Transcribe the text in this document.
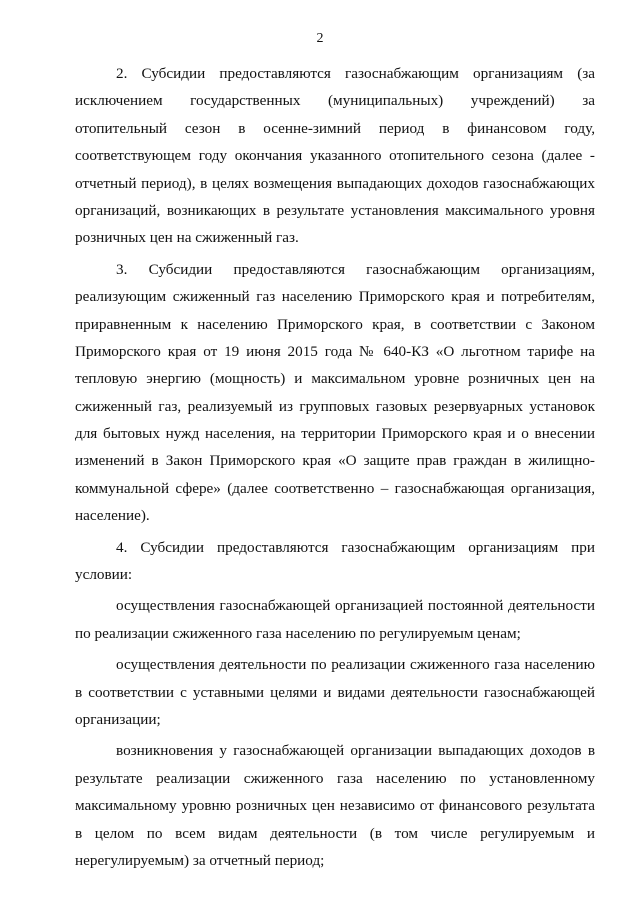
2
2. Субсидии предоставляются газоснабжающим организациям (за
исключением государственных (муниципальных) учреждений) за
отопительный сезон в осенне-зимний период в финансовом году,
соответствующем году окончания указанного отопительного сезона (далее -
отчетный период), в целях возмещения выпадающих доходов газоснабжающих
организаций, возникающих в результате установления максимального уровня
розничных цен на сжиженный газ.
3. Субсидии предоставляются газоснабжающим организациям,
реализующим сжиженный газ населению Приморского края и потребителям,
приравненным к населению Приморского края, в соответствии с Законом
Приморского края от 19 июня 2015 года № 640-КЗ «О льготном тарифе на
тепловую энергию (мощность) и максимальном уровне розничных цен на
сжиженный газ, реализуемый из групповых газовых резервуарных установок
для бытовых нужд населения, на территории Приморского края и о внесении
изменений в Закон Приморского края «О защите прав граждан в жилищно-
коммунальной сфере» (далее соответственно – газоснабжающая организация,
население).
4. Субсидии предоставляются газоснабжающим организациям при
условии:
осуществления газоснабжающей организацией постоянной деятельности
по реализации сжиженного газа населению по регулируемым ценам;
осуществления деятельности по реализации сжиженного газа населению
в соответствии с уставными целями и видами деятельности газоснабжающей
организации;
возникновения у газоснабжающей организации выпадающих доходов в
результате реализации сжиженного газа населению по установленному
максимальному уровню розничных цен независимо от финансового результата
в целом по всем видам деятельности (в том числе регулируемым и
нерегулируемым) за отчетный период;
